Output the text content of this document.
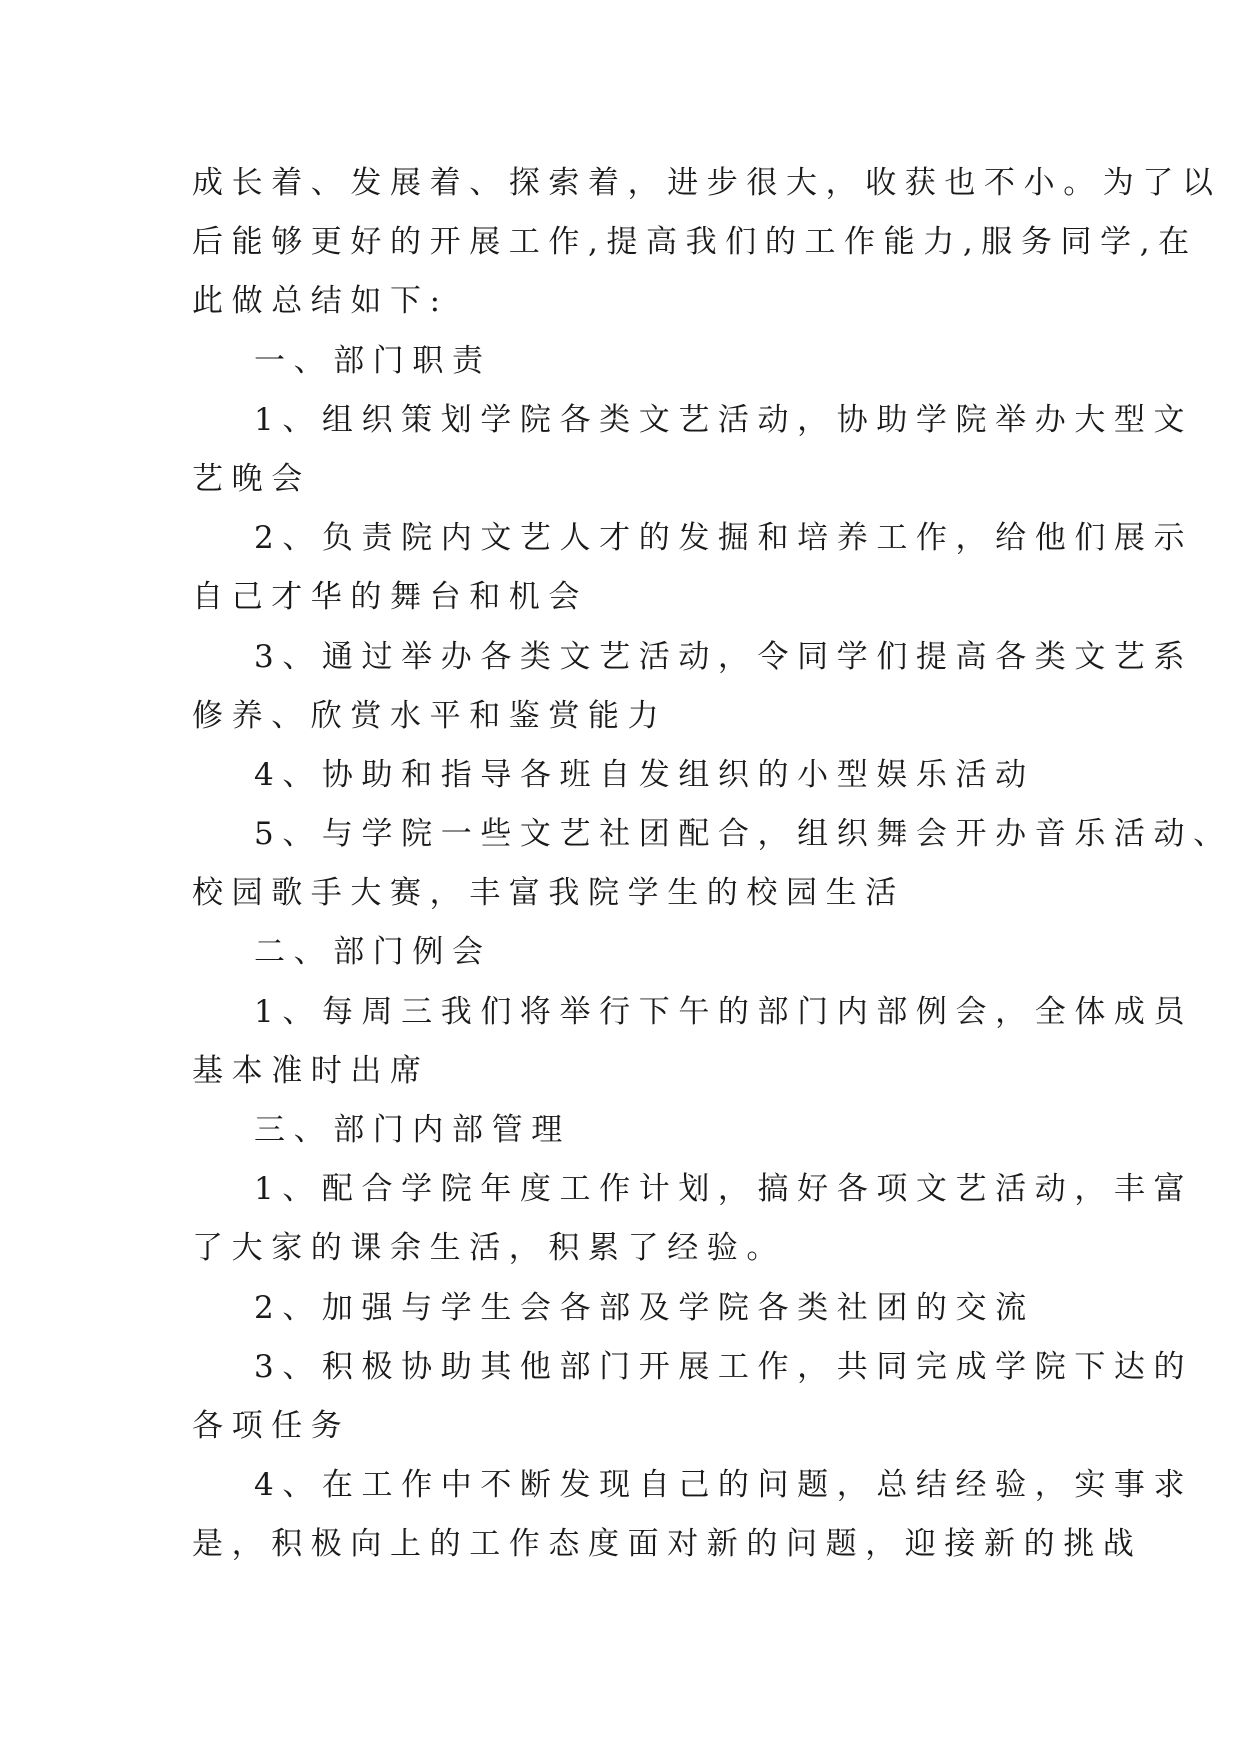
成长着、发展着、探索着，进步很大，收获也不小。为了以
后能够更好的开展工作,提高我们的工作能力,服务同学,在
此做总结如下:
一、部门职责
1、组织策划学院各类文艺活动，协助学院举办大型文
艺晚会
2、负责院内文艺人才的发掘和培养工作，给他们展示
自己才华的舞台和机会
3、通过举办各类文艺活动，令同学们提高各类文艺系
修养、欣赏水平和鉴赏能力
4、协助和指导各班自发组织的小型娱乐活动
5、与学院一些文艺社团配合，组织舞会开办音乐活动、
校园歌手大赛，丰富我院学生的校园生活
二、部门例会
1、每周三我们将举行下午的部门内部例会，全体成员
基本准时出席
三、部门内部管理
1、配合学院年度工作计划，搞好各项文艺活动，丰富
了大家的课余生活，积累了经验。
2、加强与学生会各部及学院各类社团的交流
3、积极协助其他部门开展工作，共同完成学院下达的
各项任务
4、在工作中不断发现自己的问题，总结经验，实事求
是，积极向上的工作态度面对新的问题，迎接新的挑战
